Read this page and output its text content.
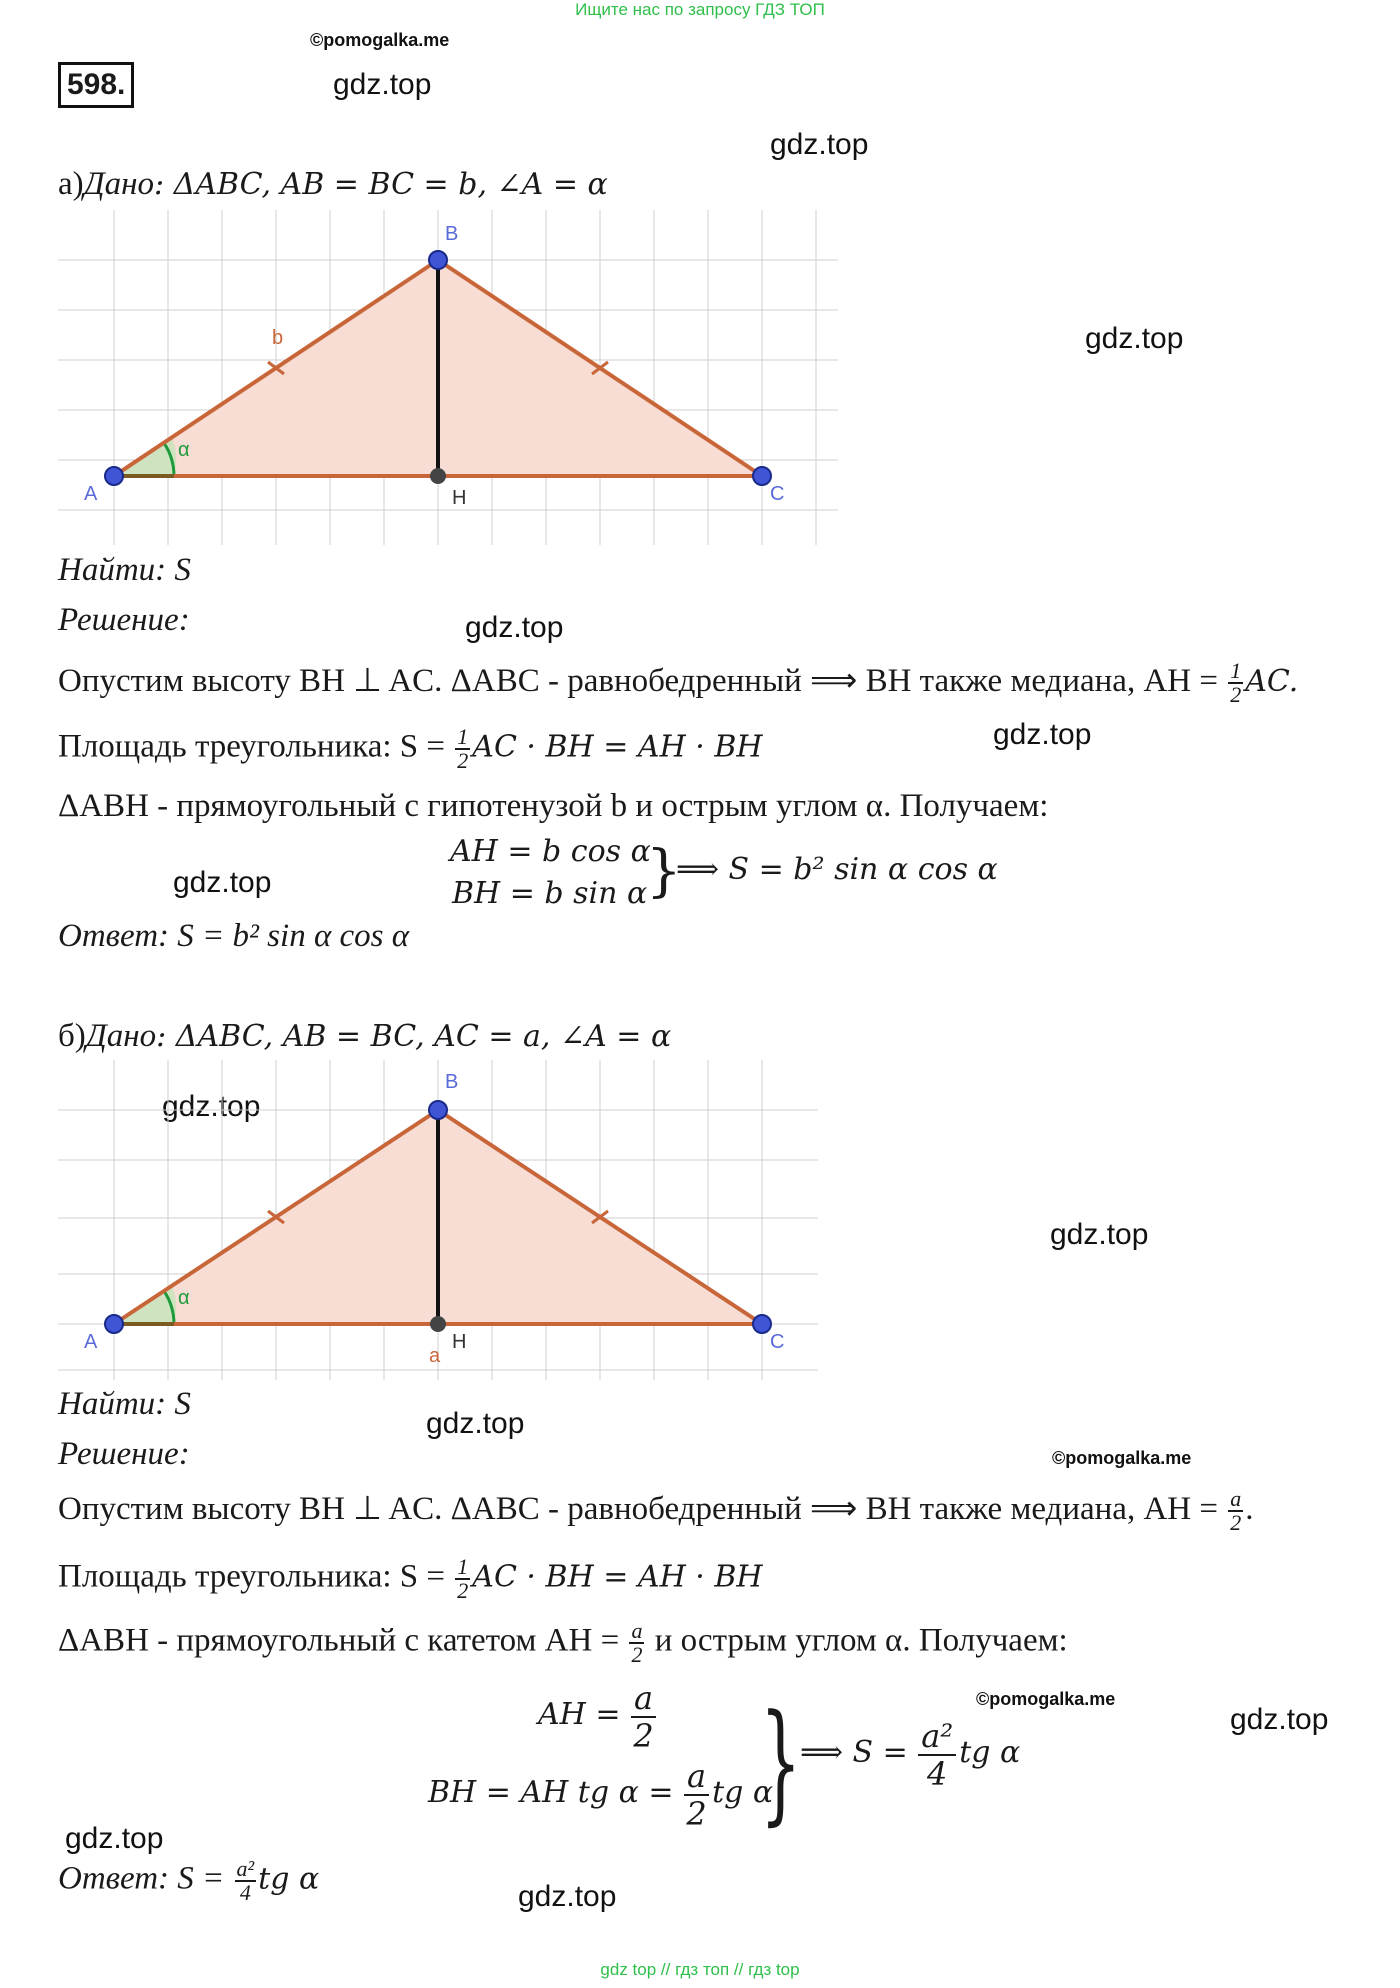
Ищите нас по запросу ГДЗ ТОП
©pomogalka.me
gdz.top
gdz.top
gdz.top
gdz.top
gdz.top
gdz.top
gdz.top
gdz.top
gdz.top
©pomogalka.me
©pomogalka.me
gdz.top
gdz.top
gdz.top
598.
а)Дано: ΔABC, AB = BC = b, ∠A = α
B
A	C
H
b
α
Найти: S
Решение:
Опустим высоту BH ⊥ AC. ΔABC - равнобедренный ⟹ BH также медиана, AH = $\frac{1}{2}$ AC.
Площадь треугольника: $S = \frac{1}{2}$ AC · BH = AH · BH
ΔABH - прямоугольный с гипотенузой b и острым углом α. Получаем:
AH = b cos α
BH = b sin α
}
⟹ S = b² sin α cos α
Ответ: S = b² sin α cos α
б)Дано: ΔABC, AB = BC, AC = a, ∠A = α
B
A	C
H
a
α
Найти: S
Решение:
Опустим высоту BH ⊥ AC. ΔABC - равнобедренный ⟹ BH также медиана, AH = $\frac{a}{2}$ .
Площадь треугольника: $S = \frac{1}{2}$ AC · BH = AH · BH
ΔABH - прямоугольный с катетом AH = $\frac{a}{2}$ и острым углом α. Получаем:
AH = $\frac{a}{2}$
BH = AH tg $\alpha = \frac{a}{2}$ tg α
}
⟹ $S = \frac{\text{a²}}{4}$ tg α
Ответ: $S = \frac{\text{a²}}{4}$ tg α
gdz top // гдз топ // гдз top
